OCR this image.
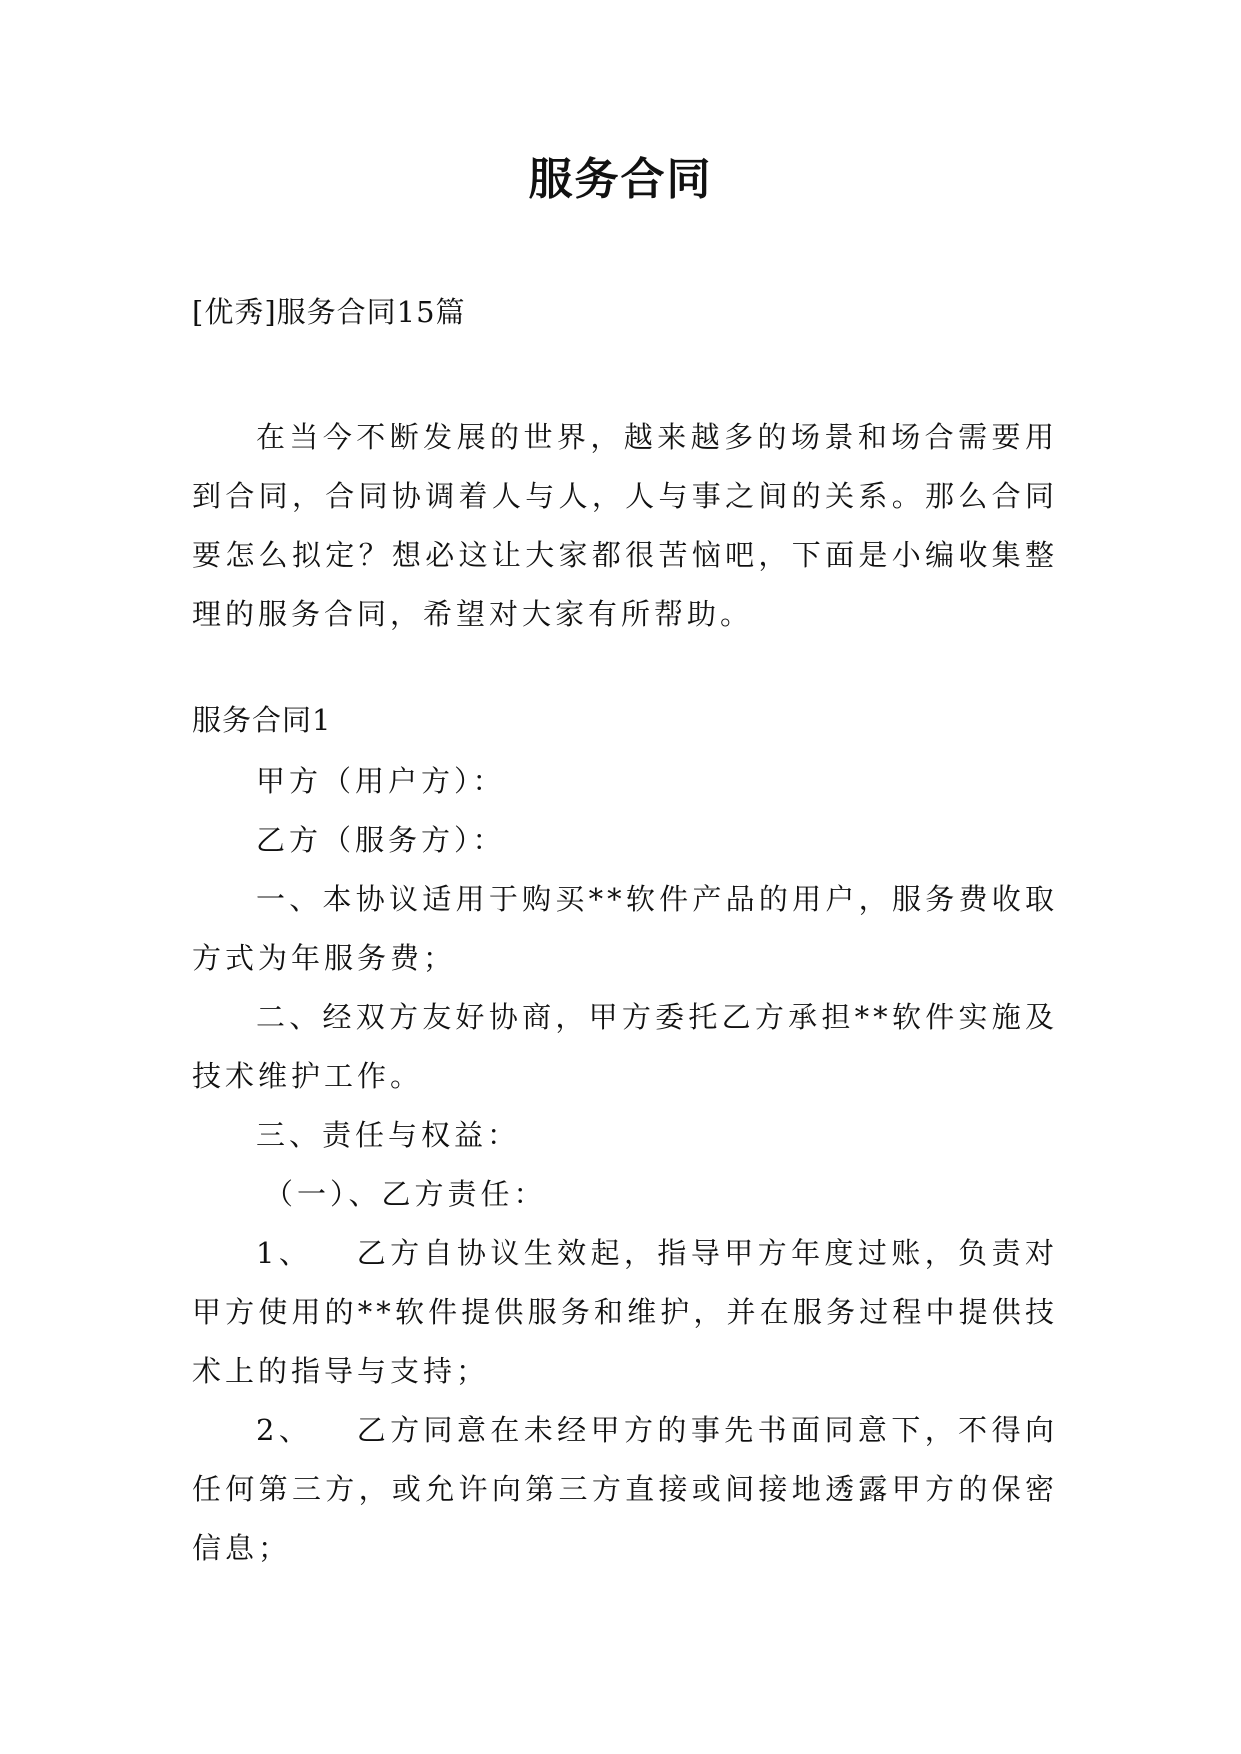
服务合同
[优秀]服务合同15篇
在当今不断发展的世界，越来越多的场景和场合需要用到合同，合同协调着人与人，人与事之间的关系。那么合同要怎么拟定？想必这让大家都很苦恼吧，下面是小编收集整理的服务合同，希望对大家有所帮助。
服务合同1
甲方（用户方）：
乙方（服务方）：
一、本协议适用于购买**软件产品的用户，服务费收取方式为年服务费；
二、经双方友好协商，甲方委托乙方承担**软件实施及技术维护工作。
三、责任与权益：
（一）、乙方责任：
1、 乙方自协议生效起，指导甲方年度过账，负责对甲方使用的**软件提供服务和维护，并在服务过程中提供技术上的指导与支持；
2、 乙方同意在未经甲方的事先书面同意下，不得向任何第三方，或允许向第三方直接或间接地透露甲方的保密信息；
